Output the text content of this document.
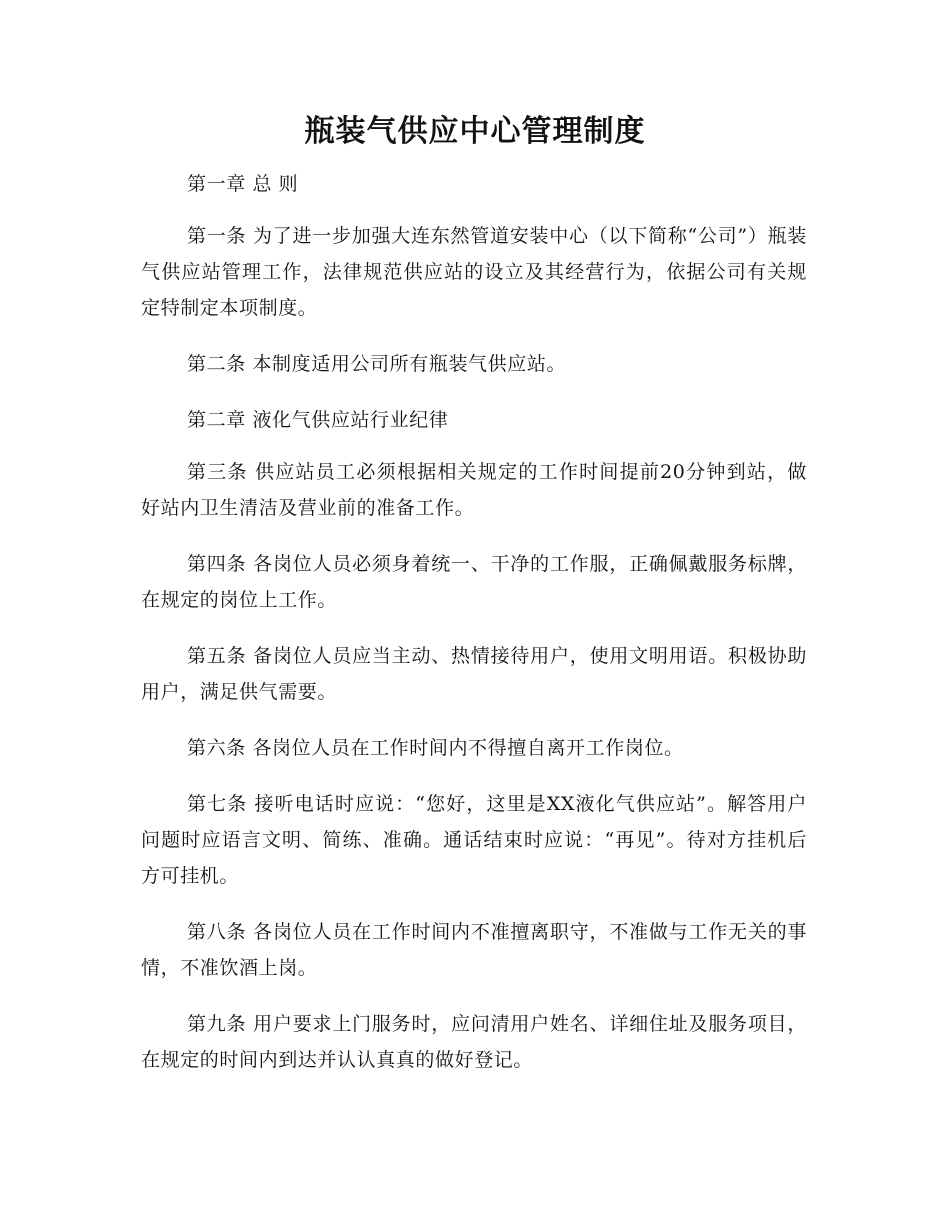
瓶装气供应中心管理制度

第一章 总 则

第一条 为了进一步加强大连东然管道安装中心（以下简称“公司”）瓶装气供应站管理工作，法律规范供应站的设立及其经营行为，依据公司有关规定特制定本项制度。

第二条 本制度适用公司所有瓶装气供应站。

第二章 液化气供应站行业纪律

第三条 供应站员工必须根据相关规定的工作时间提前20分钟到站，做好站内卫生清洁及营业前的准备工作。

第四条 各岗位人员必须身着统一、干净的工作服，正确佩戴服务标牌，在规定的岗位上工作。

第五条 备岗位人员应当主动、热情接待用户，使用文明用语。积极协助用户，满足供气需要。

第六条 各岗位人员在工作时间内不得擅自离开工作岗位。

第七条 接听电话时应说：“您好，这里是XX液化气供应站”。解答用户问题时应语言文明、简练、准确。通话结束时应说：“再见”。待对方挂机后方可挂机。

第八条 各岗位人员在工作时间内不准擅离职守，不准做与工作无关的事情，不准饮酒上岗。

第九条 用户要求上门服务时，应问清用户姓名、详细住址及服务项目，在规定的时间内到达并认认真真的做好登记。
